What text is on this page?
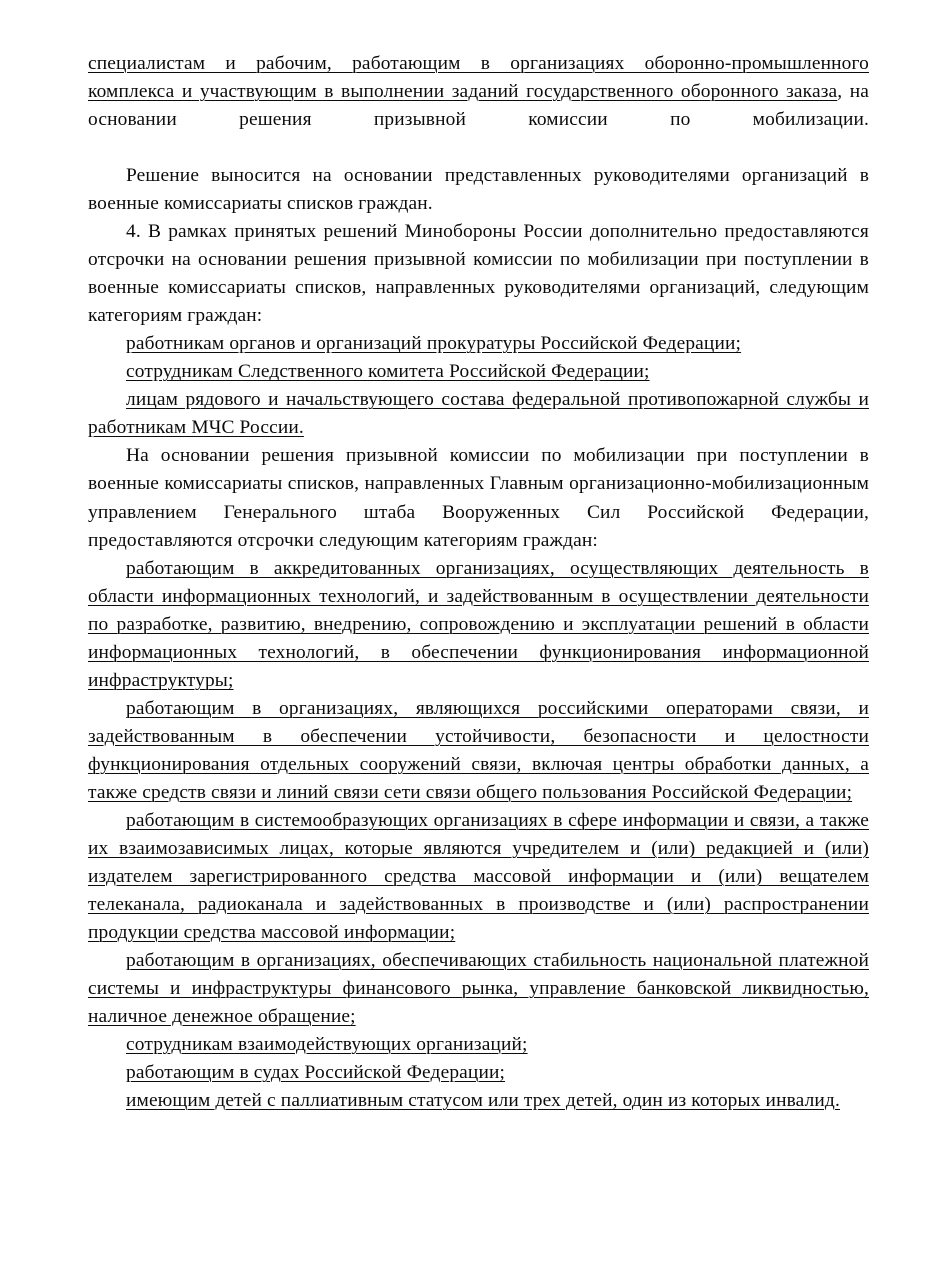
специалистам и рабочим, работающим в организациях оборонно-промышленного комплекса и участвующим в выполнении заданий государственного оборонного заказа, на основании решения призывной комиссии по мобилизации.

Решение выносится на основании представленных руководителями организаций в военные комиссариаты списков граждан.

4. В рамках принятых решений Минобороны России дополнительно предоставляются отсрочки на основании решения призывной комиссии по мобилизации при поступлении в военные комиссариаты списков, направленных руководителями организаций, следующим категориям граждан:

работникам органов и организаций прокуратуры Российской Федерации;

сотрудникам Следственного комитета Российской Федерации;

лицам рядового и начальствующего состава федеральной противопожарной службы и работникам МЧС России.

На основании решения призывной комиссии по мобилизации при поступлении в военные комиссариаты списков, направленных Главным организационно-мобилизационным управлением Генерального штаба Вооруженных Сил Российской Федерации, предоставляются отсрочки следующим категориям граждан:

работающим в аккредитованных организациях, осуществляющих деятельность в области информационных технологий, и задействованным в осуществлении деятельности по разработке, развитию, внедрению, сопровождению и эксплуатации решений в области информационных технологий, в обеспечении функционирования информационной инфраструктуры;

работающим в организациях, являющихся российскими операторами связи, и задействованным в обеспечении устойчивости, безопасности и целостности функционирования отдельных сооружений связи, включая центры обработки данных, а также средств связи и линий связи сети связи общего пользования Российской Федерации;

работающим в системообразующих организациях в сфере информации и связи, а также их взаимозависимых лицах, которые являются учредителем и (или) редакцией и (или) издателем зарегистрированного средства массовой информации и (или) вещателем телеканала, радиоканала и задействованных в производстве и (или) распространении продукции средства массовой информации;

работающим в организациях, обеспечивающих стабильность национальной платежной системы и инфраструктуры финансового рынка, управление банковской ликвидностью, наличное денежное обращение;

сотрудникам взаимодействующих организаций;

работающим в судах Российской Федерации;

имеющим детей с паллиативным статусом или трех детей, один из которых инвалид.
